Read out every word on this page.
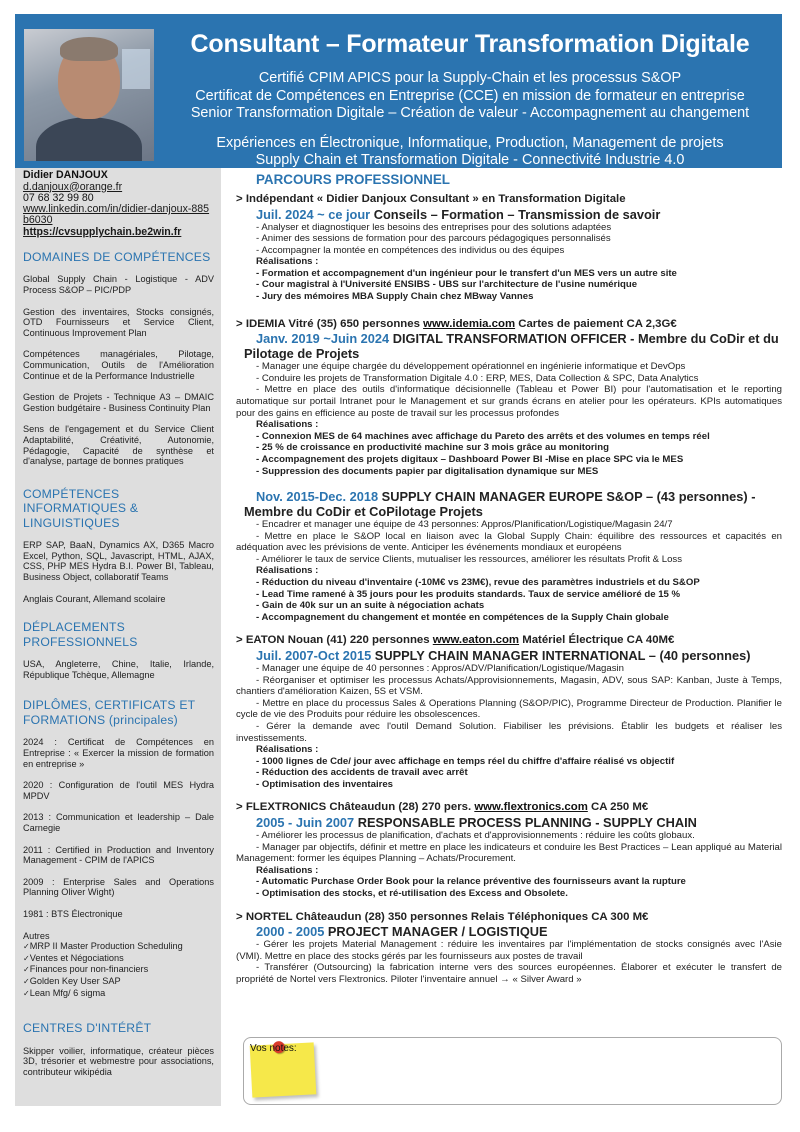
Consultant – Formateur Transformation Digitale
Certifié CPIM APICS pour la Supply-Chain et les processus S&OP
Certificat de Compétences en Entreprise (CCE) en mission de formateur en entreprise
Senior Transformation Digitale – Création de valeur - Accompagnement au changement
Expériences en Électronique, Informatique, Production, Management de projets
Supply Chain et Transformation Digitale - Connectivité Industrie 4.0
Didier DANJOUX
d.danjoux@orange.fr
07 68 32 99 80
www.linkedin.com/in/didier-danjoux-885b6030
https://cvsupplychain.be2win.fr
DOMAINES DE COMPÉTENCES
Global Supply Chain - Logistique - ADV Process S&OP – PIC/PDP
Gestion des inventaires, Stocks consignés, OTD Fournisseurs et Service Client, Continuous Improvement Plan
Compétences managériales, Pilotage, Communication, Outils de l'Amélioration Continue et de la Performance Industrielle
Gestion de Projets - Technique A3 – DMAIC Gestion budgétaire - Business Continuity Plan
Sens de l'engagement et du Service Client Adaptabilité, Créativité, Autonomie, Pédagogie, Capacité de synthèse et d'analyse, partage de bonnes pratiques
COMPÉTENCES INFORMATIQUES & LINGUISTIQUES
ERP SAP, BaaN, Dynamics AX, D365 Macro Excel, Python, SQL, Javascript, HTML, AJAX, CSS, PHP MES Hydra B.I. Power BI, Tableau, Business Object, collaboratif Teams
Anglais Courant, Allemand scolaire
DÉPLACEMENTS PROFESSIONNELS
USA, Angleterre, Chine, Italie, Irlande, République Tchèque, Allemagne
DIPLÔMES, CERTIFICATS ET FORMATIONS (principales)
2024 : Certificat de Compétences en Entreprise : « Exercer la mission de formation en entreprise »
2020 : Configuration de l'outil MES Hydra MPDV
2013 : Communication et leadership – Dale Carnegie
2011 : Certified in Production and Inventory Management - CPIM de l'APICS
2009 : Enterprise Sales and Operations Planning Oliver Wight)
1981 : BTS Électronique
Autres
✓ MRP II Master Production Scheduling
✓ Ventes et Négociations
✓ Finances pour non-financiers
✓ Golden Key User SAP
✓ Lean Mfg/ 6 sigma
CENTRES D'INTÉRÊT
Skipper voilier, informatique, créateur pièces 3D, trésorier et webmestre pour associations, contributeur wikipédia
PARCOURS PROFESSIONNEL
> Indépendant « Didier Danjoux Consultant » en Transformation Digitale
Juil. 2024 ~ ce jour Conseils – Formation – Transmission de savoir
- Analyser et diagnostiquer les besoins des entreprises pour des solutions adaptées
- Animer des sessions de formation pour des parcours pédagogiques personnalisés
- Accompagner la montée en compétences des individus ou des équipes
Réalisations :
- Formation et accompagnement d'un ingénieur pour le transfert d'un MES vers un autre site
- Cour magistral à l'Université ENSIBS - UBS sur l'architecture de l'usine numérique
- Jury des mémoires MBA Supply Chain chez MBway Vannes
> IDEMIA Vitré (35) 650 personnes www.idemia.com Cartes de paiement CA 2,3G€
Janv. 2019 ~Juin 2024 DIGITAL TRANSFORMATION OFFICER - Membre du CoDir et du Pilotage de Projets
- Manager une équipe chargée du développement opérationnel en ingénierie informatique et DevOps
- Conduire les projets de Transformation Digitale 4.0 : ERP, MES, Data Collection & SPC, Data Analytics
- Mettre en place des outils d'informatique décisionnelle (Tableau et Power BI) pour l'automatisation et le reporting automatique sur portail Intranet pour le Management et sur grands écrans en atelier pour les opérateurs. KPIs automatiques pour des gains en efficience au poste de travail sur les processus profondes
Réalisations :
- Connexion MES de 64 machines avec affichage du Pareto des arrêts et des volumes en temps réel
- 25 % de croissance en productivité machine sur 3 mois grâce au monitoring
- Accompagnement des projets digitaux – Dashboard Power BI -Mise en place SPC via le MES
- Suppression des documents papier par digitalisation dynamique sur MES
Nov. 2015-Dec. 2018 SUPPLY CHAIN MANAGER EUROPE S&OP – (43 personnes) - Membre du CoDir et CoPilotage Projets
- Encadrer et manager une équipe de 43 personnes: Appros/Planification/Logistique/Magasin 24/7
- Mettre en place le S&OP local en liaison avec la Global Supply Chain: équilibre des ressources et capacités en adéquation avec les prévisions de vente. Anticiper les événements mondiaux et européens
- Améliorer le taux de service Clients, mutualiser les ressources, améliorer les résultats Profit & Loss
Réalisations :
- Réduction du niveau d'inventaire (-10M€ vs 23M€), revue des paramètres industriels et du S&OP
- Lead Time ramené à 35 jours pour les produits standards. Taux de service amélioré de 15 %
- Gain de 40k sur un an suite à négociation achats
- Accompagnement du changement et montée en compétences de la Supply Chain globale
> EATON Nouan (41) 220 personnes www.eaton.com Matériel Électrique CA 40M€
Juil. 2007-Oct 2015 SUPPLY CHAIN MANAGER INTERNATIONAL – (40 personnes)
- Manager une équipe de 40 personnes : Appros/ADV/Planification/Logistique/Magasin
- Réorganiser et optimiser les processus Achats/Approvisionnements, Magasin, ADV, sous SAP: Kanban, Juste à Temps, chantiers d'amélioration Kaizen, 5S et VSM.
- Mettre en place du processus Sales & Operations Planning (S&OP/PIC), Programme Directeur de Production. Planifier le cycle de vie des Produits pour réduire les obsolescences.
- Gérer la demande avec l'outil Demand Solution. Fiabiliser les prévisions. Établir les budgets et réaliser les investissements.
Réalisations :
- 1000 lignes de Cde/ jour avec affichage en temps réel du chiffre d'affaire réalisé vs objectif
- Réduction des accidents de travail avec arrêt
- Optimisation des inventaires
> FLEXTRONICS Châteaudun (28) 270 pers. www.flextronics.com CA 250 M€
2005 - Juin 2007 RESPONSABLE PROCESS PLANNING - SUPPLY CHAIN
- Améliorer les processus de planification, d'achats et d'approvisionnements : réduire les coûts globaux.
- Manager par objectifs, définir et mettre en place les indicateurs et conduire les Best Practices – Lean appliqué au Material Management: former les équipes Planning – Achats/Procurement.
Réalisations :
- Automatic Purchase Order Book pour la relance préventive des fournisseurs avant la rupture
- Optimisation des stocks, et ré-utilisation des Excess and Obsolete.
> NORTEL Châteaudun (28) 350 personnes Relais Téléphoniques CA 300 M€
2000 - 2005 PROJECT MANAGER / LOGISTIQUE
- Gérer les projets Material Management : réduire les inventaires par l'implémentation de stocks consignés avec l'Asie (VMI). Mettre en place des stocks gérés par les fournisseurs aux postes de travail
- Transférer (Outsourcing) la fabrication interne vers des sources européennes. Élaborer et exécuter le transfert de propriété de Nortel vers Flextronics. Piloter l'inventaire annuel → « Silver Award »
Vos notes:
